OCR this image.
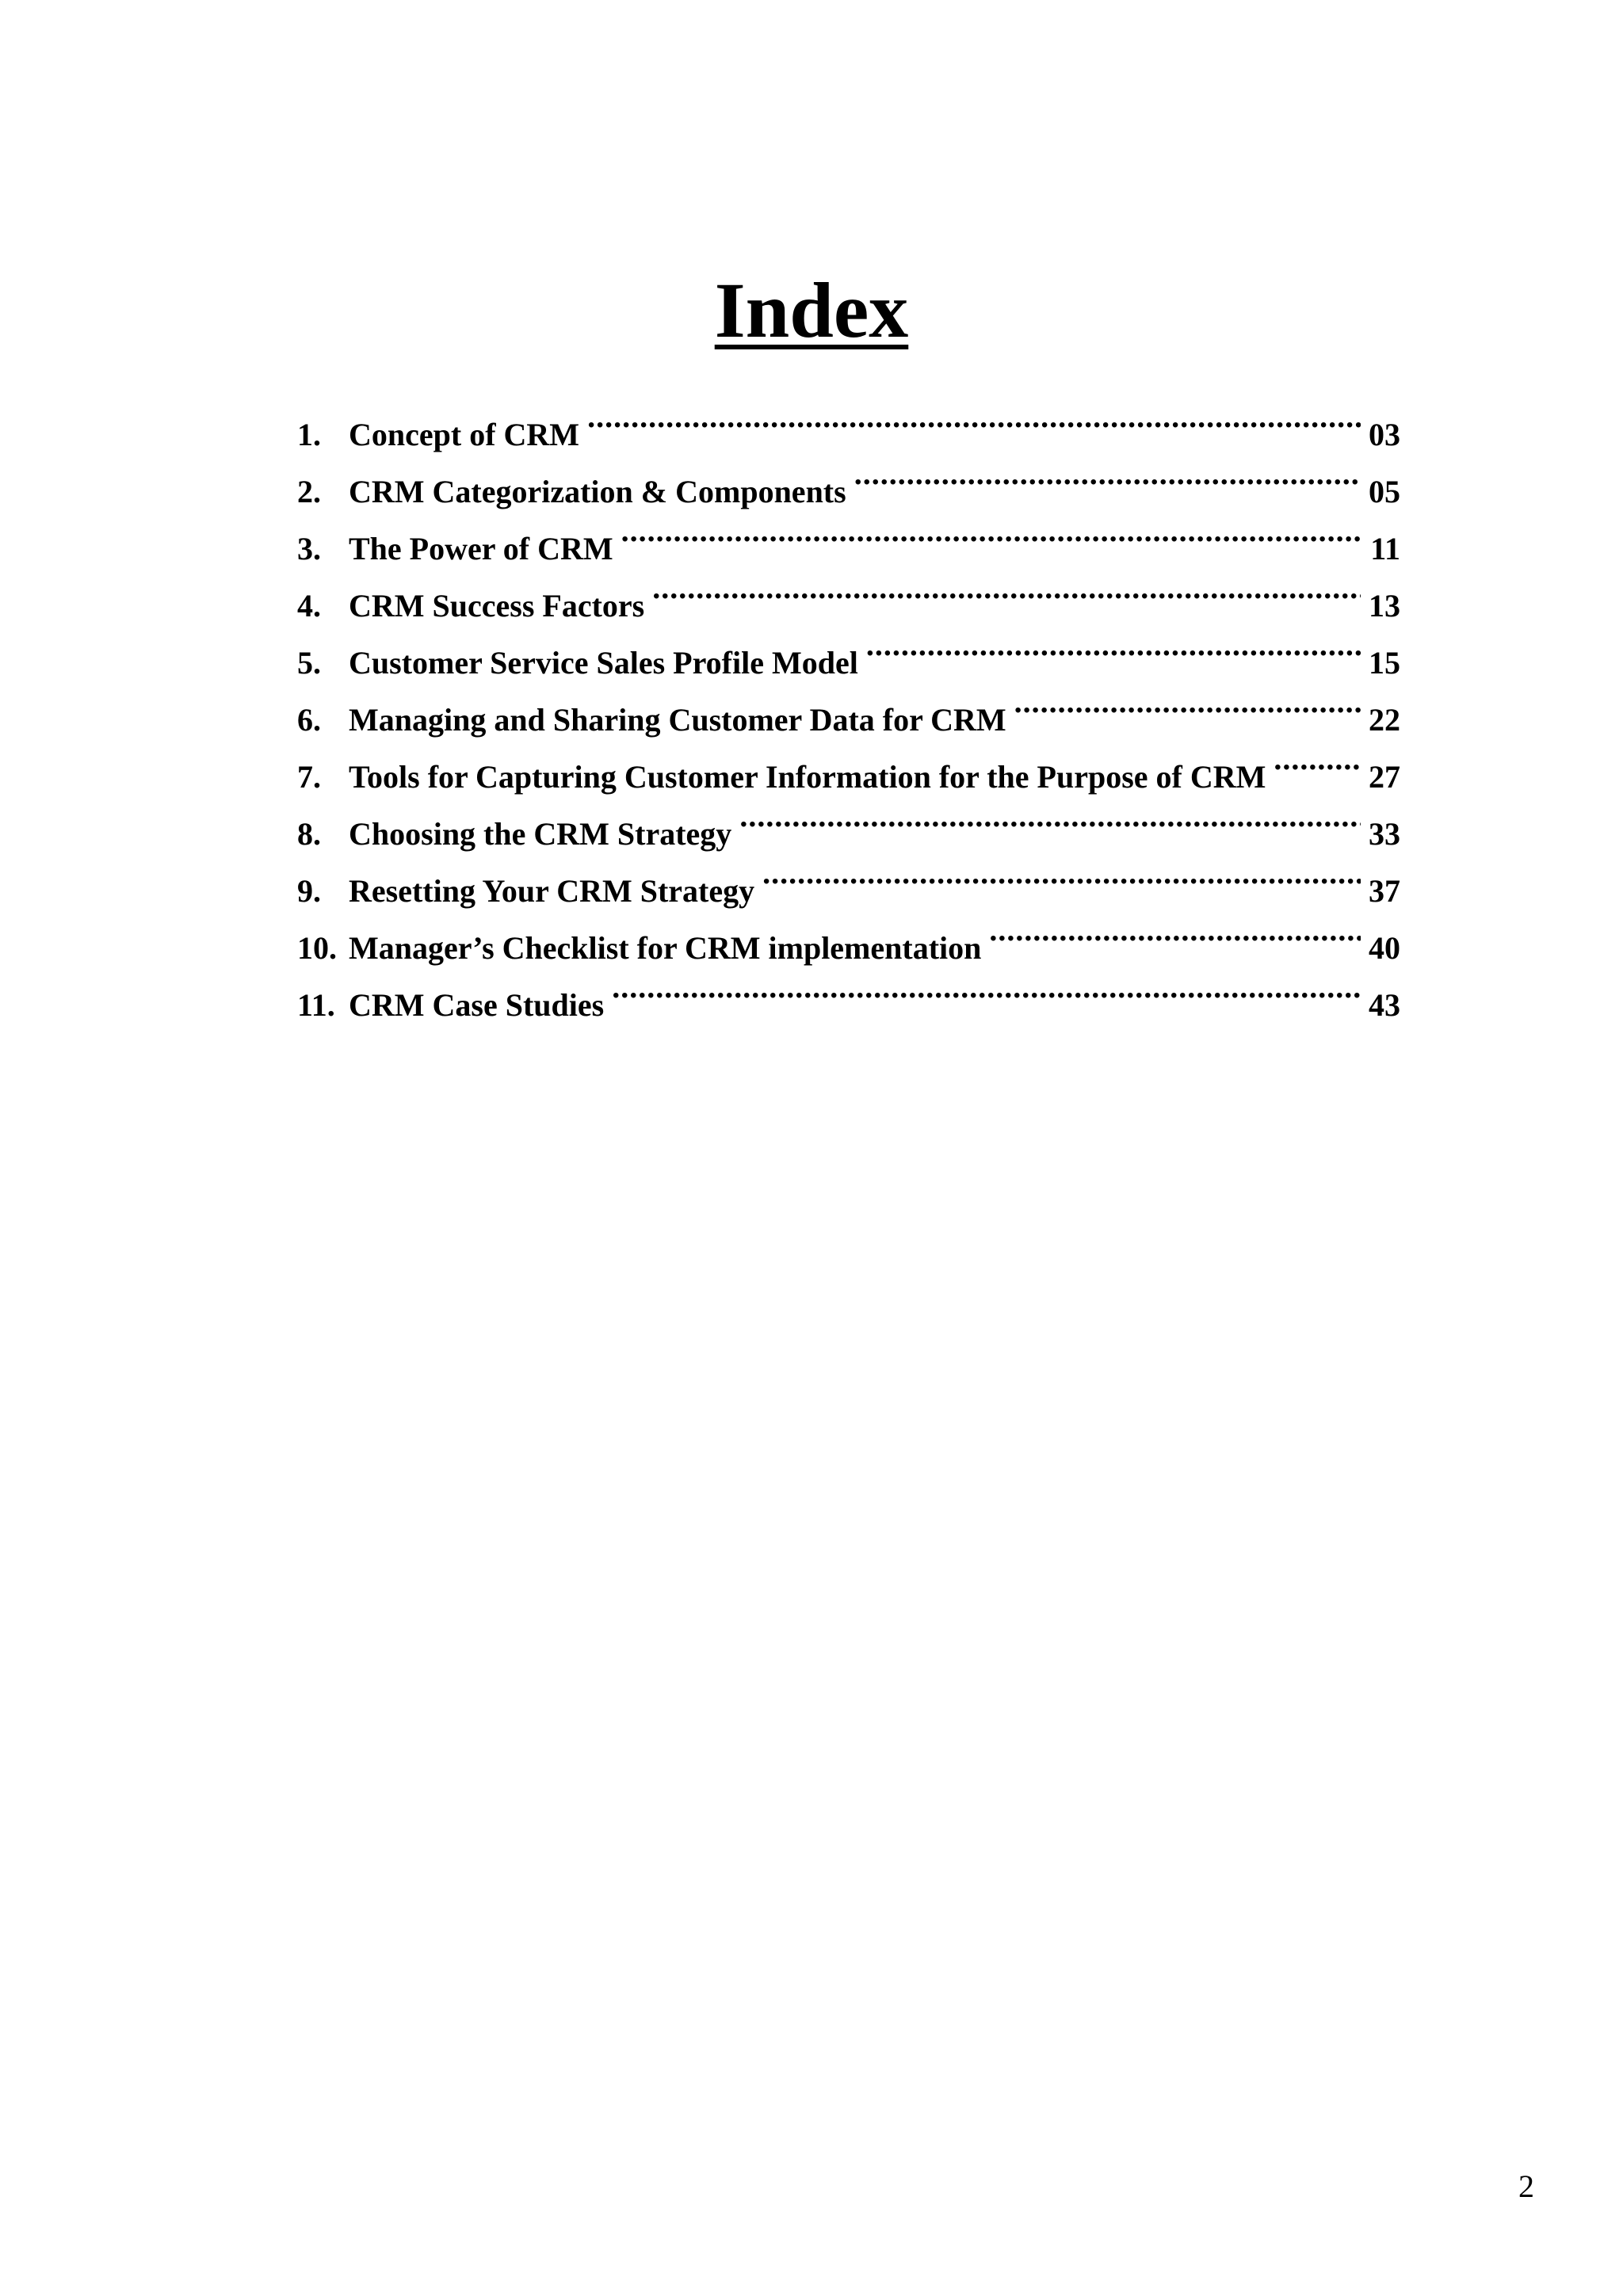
Index
1. Concept of CRM .....	03
2. CRM Categorization & Components .....	05
3. The Power of CRM .....	11
4. CRM Success Factors .....	13
5. Customer Service Sales Profile Model .....	15
6. Managing and Sharing Customer Data for CRM .....	22
7. Tools for Capturing Customer Information for the Purpose of CRM .....	27
8. Choosing the CRM Strategy .....	33
9. Resetting Your CRM Strategy .....	37
10. Manager’s Checklist for CRM implementation .....	40
11. CRM Case Studies .....	43
2
